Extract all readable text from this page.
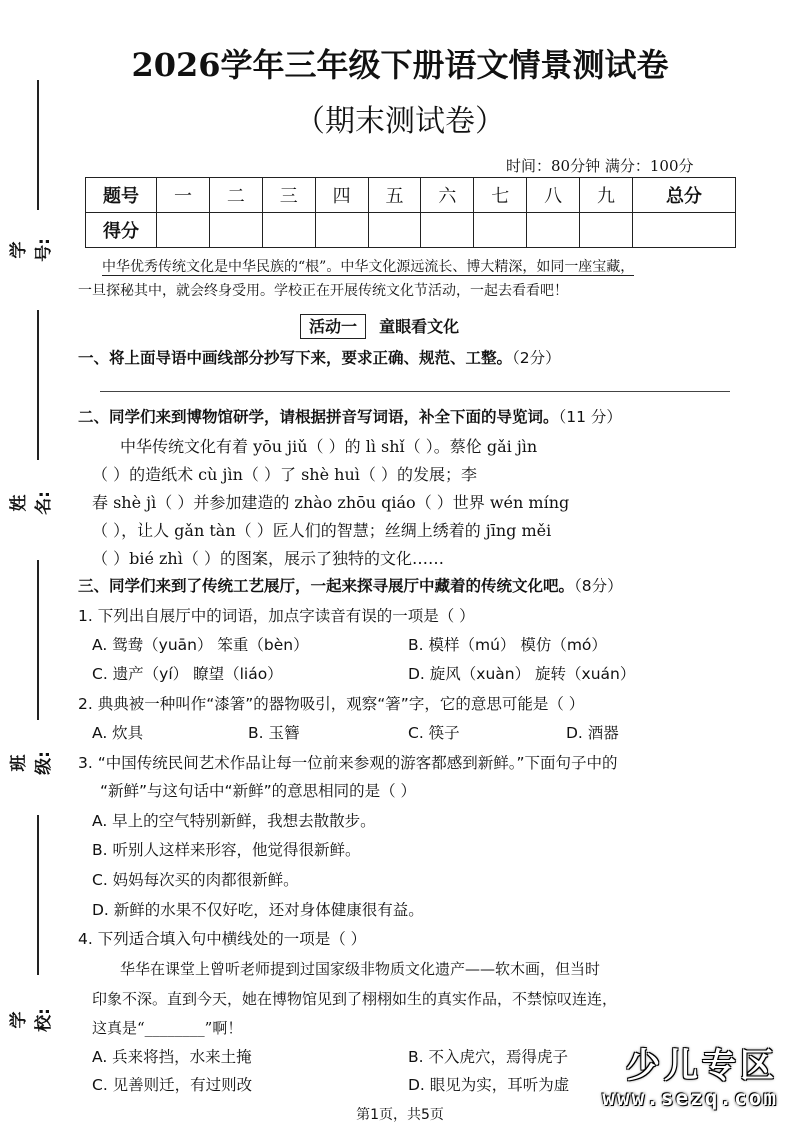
学号:
姓名:
班级:
学校:
2026学年三年级下册语文情景测试卷
（期末测试卷）
时间：80分钟 满分：100分
题号	一	二	三	四	五	六	七	八	九	总分
得分										
中华优秀传统文化是中华民族的“根”。中华文化源远流长、博大精深，如同一座宝藏，
一旦探秘其中，就会终身受用。学校正在开展传统文化节活动，一起去看看吧！
活动一 童眼看文化
一、将上面导语中画线部分抄写下来，要求正确、规范、工整。（2分）
二、同学们来到博物馆研学，请根据拼音写词语，补全下面的导览词。（11 分）
中华传统文化有着 yōu jiǔ（ ）的 lì shǐ（ ）。蔡伦 gǎi jìn
（ ）的造纸术 cù jìn（ ）了 shè huì（ ）的发展；李
春 shè jì（ ）并参加建造的 zhào zhōu qiáo（ ）世界 wén míng
（ ），让人 gǎn tàn（ ）匠人们的智慧；丝绸上绣着的 jīng měi
（ ）bié zhì（ ）的图案，展示了独特的文化……
三、同学们来到了传统工艺展厅，一起来探寻展厅中藏着的传统文化吧。（8分）
1. 下列出自展厅中的词语，加点字读音有误的一项是（ ）
A. 鸳鸯（yuān） 笨重（bèn）	B. 模样（mú） 模仿（mó）
C. 遗产（yí） 瞭望（liáo）	D. 旋风（xuàn） 旋转（xuán）
2. 典典被一种叫作“漆箸”的器物吸引，观察“箸”字，它的意思可能是（ ）
A. 炊具	B. 玉簪	C. 筷子	D. 酒器
3. “中国传统民间艺术作品让每一位前来参观的游客都感到新鲜。”下面句子中的
“新鲜”与这句话中“新鲜”的意思相同的是（ ）
A. 早上的空气特别新鲜，我想去散散步。
B. 听别人这样来形容，他觉得很新鲜。
C. 妈妈每次买的肉都很新鲜。
D. 新鲜的水果不仅好吃，还对身体健康很有益。
4. 下列适合填入句中横线处的一项是（ ）
华华在课堂上曾听老师提到过国家级非物质文化遗产——软木画，但当时
印象不深。直到今天，她在博物馆见到了栩栩如生的真实作品，不禁惊叹连连，
这真是“________”啊！
A. 兵来将挡，水来土掩	B. 不入虎穴，焉得虎子
C. 见善则迁，有过则改	D. 眼见为实，耳听为虚 少儿专区
www.sezq.com
第1页，共5页
